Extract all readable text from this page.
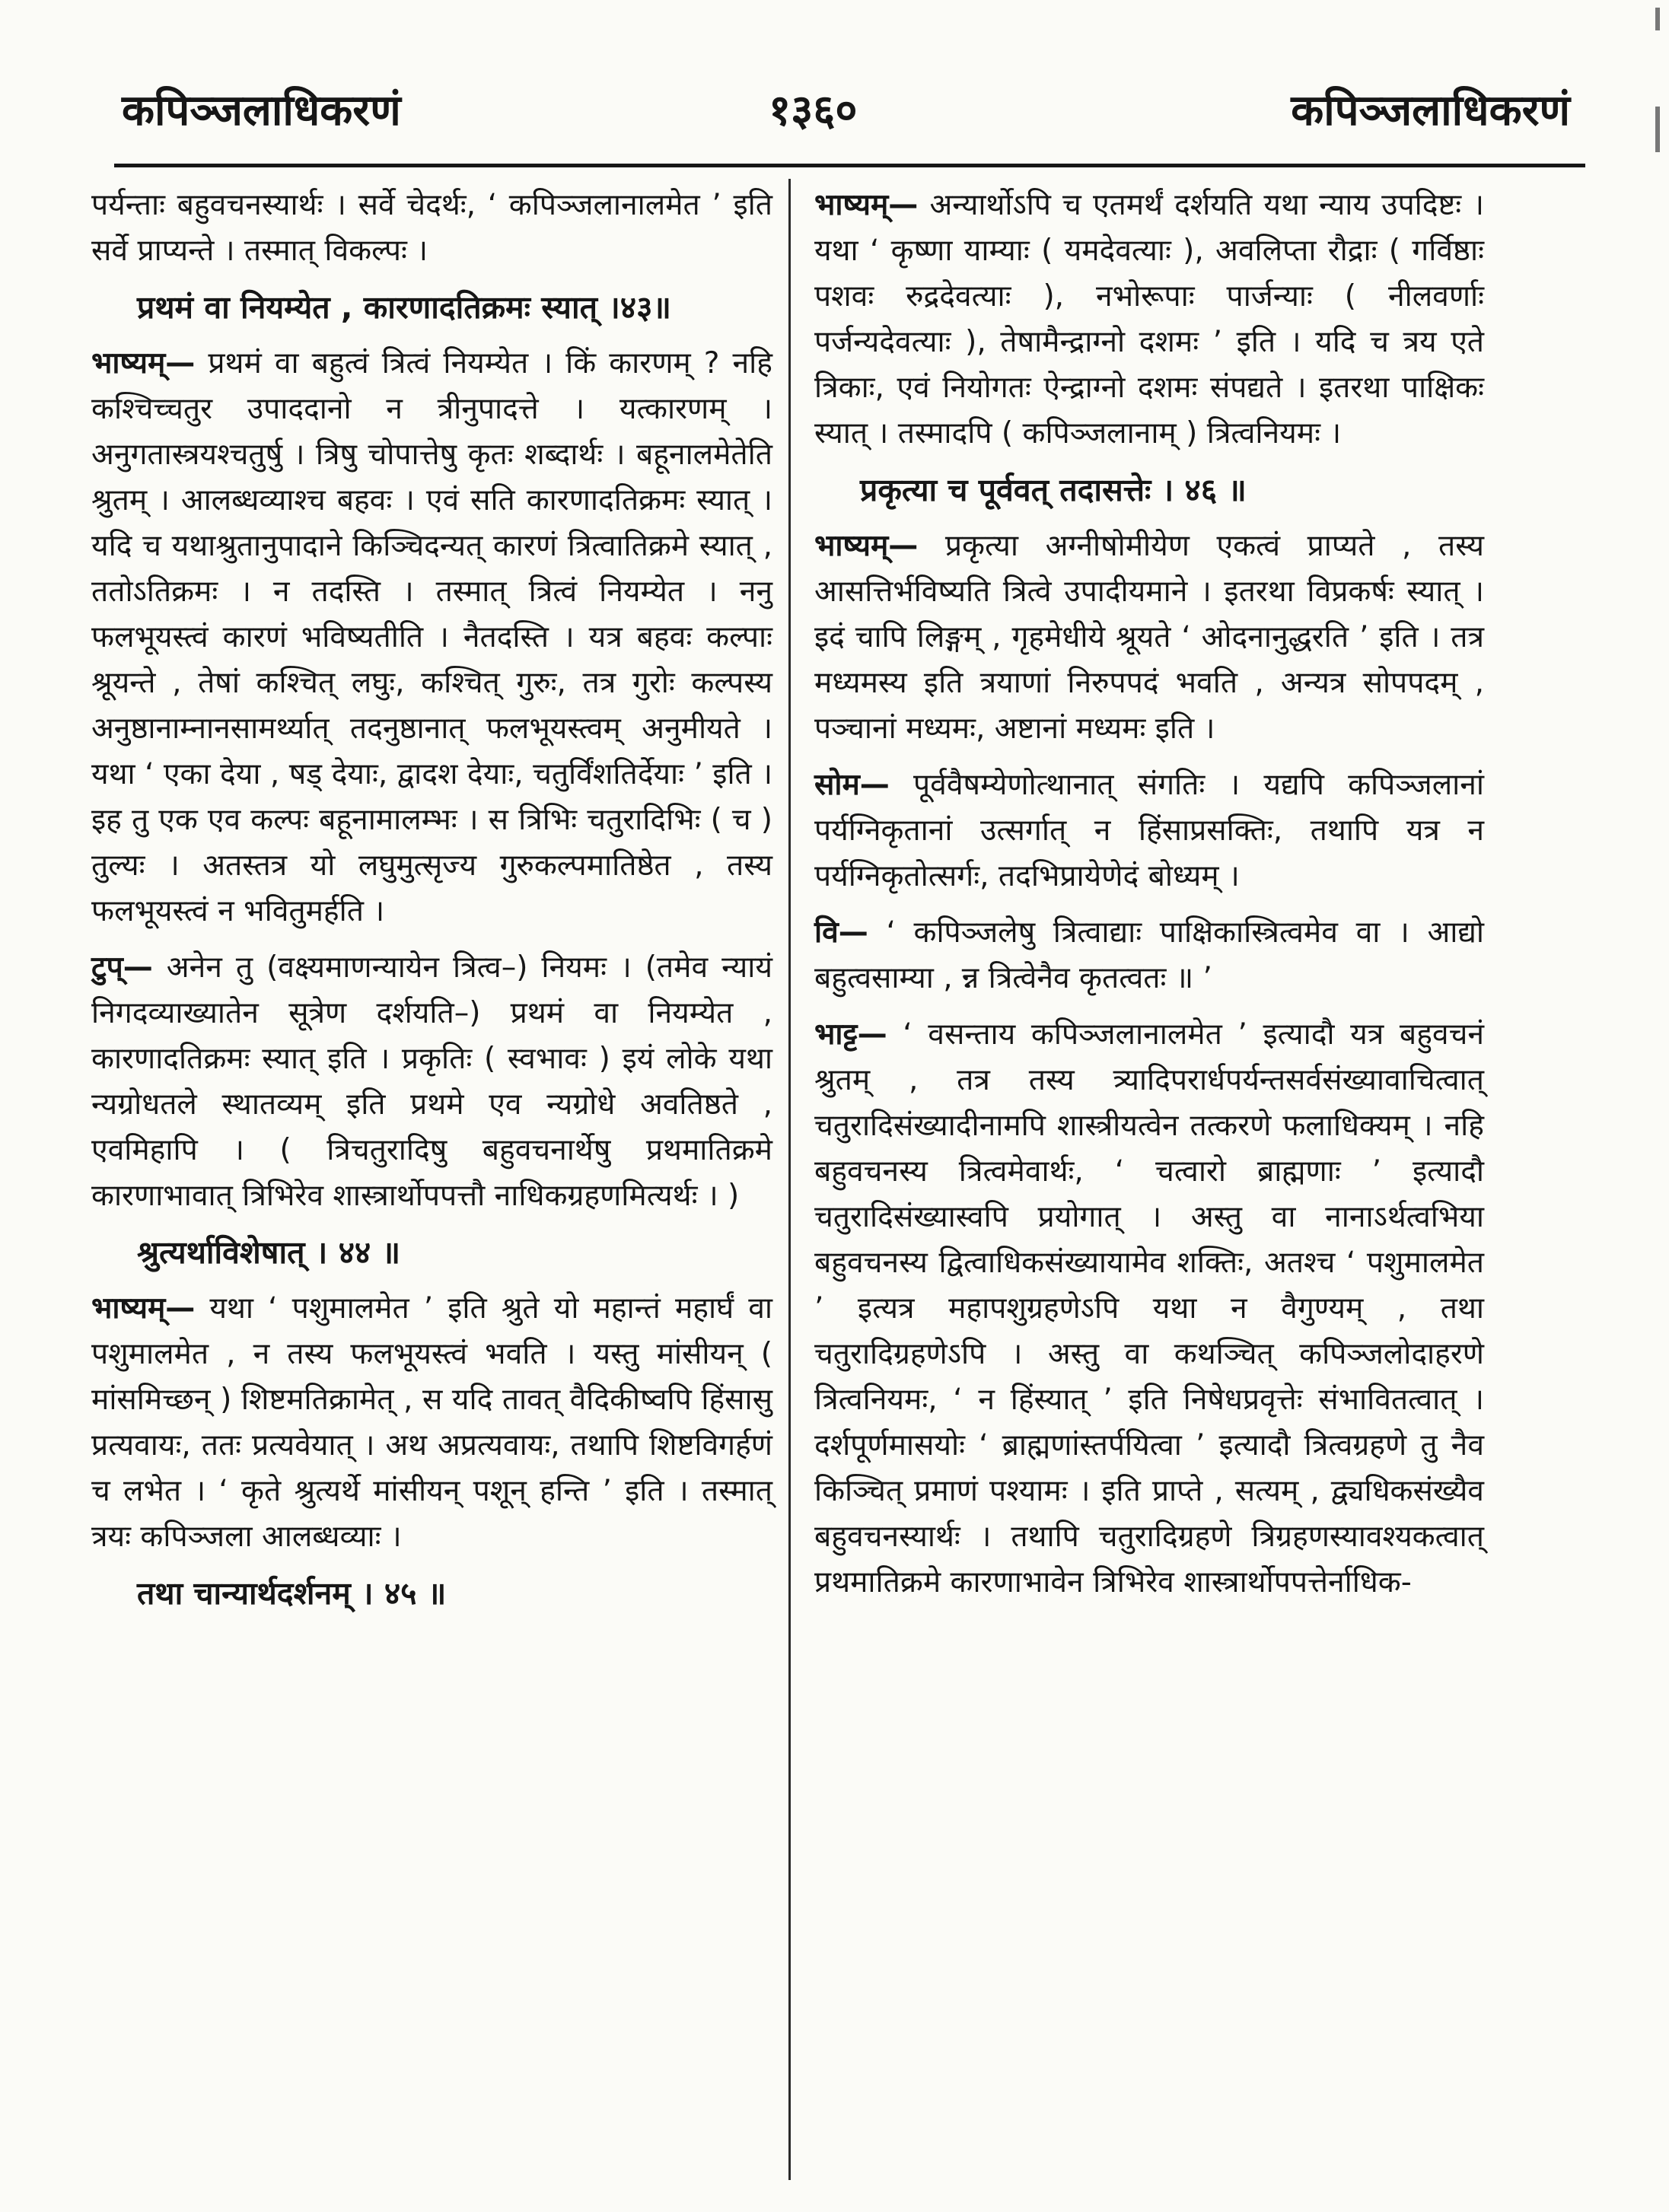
कपिञ्जलाधिकरणं	१३६०	कपिञ्जलाधिकरणं

पर्यन्ताः बहुवचनस्यार्थः । सर्वे चेदर्थः, ‘ कपिञ्जलानालमेत ’ इति सर्वे प्राप्यन्ते । तस्मात् विकल्पः ।

प्रथमं वा नियम्येत , कारणादतिक्रमः स्यात् ।४३॥

भाष्यम्— प्रथमं वा बहुत्वं त्रित्वं नियम्येत । किं कारणम् ? नहि कश्चिच्चतुर उपाददानो न त्रीनुपादत्ते । यत्कारणम् । अनुगतास्त्रयश्चतुर्षु । त्रिषु चोपात्तेषु कृतः शब्दार्थः । बहूनालमेतेति श्रुतम् । आलब्धव्याश्च बहवः । एवं सति कारणादतिक्रमः स्यात् । यदि च यथाश्रुतानुपादाने किञ्चिदन्यत् कारणं त्रित्वातिक्रमे स्यात् , ततोऽतिक्रमः । न तदस्ति । तस्मात् त्रित्वं नियम्येत । ननु फलभूयस्त्वं कारणं भविष्यतीति । नैतदस्ति । यत्र बहवः कल्पाः श्रूयन्ते , तेषां कश्चित् लघुः, कश्चित् गुरुः, तत्र गुरोः कल्पस्य अनुष्ठानाम्नानसामर्थ्यात् तदनुष्ठानात् फलभूयस्त्वम् अनुमीयते । यथा ‘ एका देया , षड् देयाः, द्वादश देयाः, चतुर्विंशतिर्देयाः ’ इति । इह तु एक एव कल्पः बहूनामालम्भः । स त्रिभिः चतुरादिभिः ( च ) तुल्यः । अतस्तत्र यो लघुमुत्सृज्य गुरुकल्पमातिष्ठेत , तस्य फलभूयस्त्वं न भवितुमर्हति ।

टुप्— अनेन तु (वक्ष्यमाणन्यायेन त्रित्व–) नियमः । (तमेव न्यायं निगदव्याख्यातेन सूत्रेण दर्शयति–) प्रथमं वा नियम्येत , कारणादतिक्रमः स्यात् इति । प्रकृतिः ( स्वभावः ) इयं लोके यथा न्यग्रोधतले स्थातव्यम् इति प्रथमे एव न्यग्रोधे अवतिष्ठते , एवमिहापि । ( त्रिचतुरादिषु बहुवचनार्थेषु प्रथमातिक्रमे कारणाभावात् त्रिभिरेव शास्त्रार्थोपपत्तौ नाधिकग्रहणमित्यर्थः । )

श्रुत्यर्थाविशेषात् । ४४ ॥

भाष्यम्— यथा ‘ पशुमालमेत ’ इति श्रुते यो महान्तं महार्घं वा पशुमालमेत , न तस्य फलभूयस्त्वं भवति । यस्तु मांसीयन् ( मांसमिच्छन् ) शिष्टमतिक्रामेत् , स यदि तावत् वैदिकीष्वपि हिंसासु प्रत्यवायः, ततः प्रत्यवेयात् । अथ अप्रत्यवायः, तथापि शिष्टविगर्हणं च लभेत । ‘ कृते श्रुत्यर्थे मांसीयन् पशून् हन्ति ’ इति । तस्मात् त्रयः कपिञ्जला आलब्धव्याः ।

तथा चान्यार्थदर्शनम् । ४५ ॥

भाष्यम्— अन्यार्थोऽपि च एतमर्थं दर्शयति यथा न्याय उपदिष्टः । यथा ‘ कृष्णा याम्याः ( यमदेवत्याः ), अवलिप्ता रौद्राः ( गर्विष्ठाः पशवः रुद्रदेवत्याः ), नभोरूपाः पार्जन्याः ( नीलवर्णाः पर्जन्यदेवत्याः ), तेषामैन्द्राग्नो दशमः ’ इति । यदि च त्रय एते त्रिकाः, एवं नियोगतः ऐन्द्राग्नो दशमः संपद्यते । इतरथा पाक्षिकः स्यात् । तस्मादपि ( कपिञ्जलानाम् ) त्रित्वनियमः ।

प्रकृत्या च पूर्ववत् तदासत्तेः । ४६ ॥

भाष्यम्— प्रकृत्या अग्नीषोमीयेण एकत्वं प्राप्यते , तस्य आसत्तिर्भविष्यति त्रित्वे उपादीयमाने । इतरथा विप्रकर्षः स्यात् । इदं चापि लिङ्गम् , गृहमेधीये श्रूयते ‘ ओदनानुद्धरति ’ इति । तत्र मध्यमस्य इति त्रयाणां निरुपपदं भवति , अन्यत्र सोपपदम् , पञ्चानां मध्यमः, अष्टानां मध्यमः इति ।

सोम— पूर्ववैषम्येणोत्थानात् संगतिः । यद्यपि कपिञ्जलानां पर्यग्निकृतानां उत्सर्गात् न हिंसाप्रसक्तिः, तथापि यत्र न पर्यग्निकृतोत्सर्गः, तदभिप्रायेणेदं बोध्यम् ।

वि— ‘ कपिञ्जलेषु त्रित्वाद्याः पाक्षिकास्त्रित्वमेव वा । आद्यो बहुत्वसाम्या , न्न त्रित्वेनैव कृतत्वतः ॥ ’

भाट्ट— ‘ वसन्ताय कपिञ्जलानालमेत ’ इत्यादौ यत्र बहुवचनं श्रुतम् , तत्र तस्य त्र्यादिपरार्धपर्यन्तसर्वसंख्यावाचित्वात् चतुरादिसंख्यादीनामपि शास्त्रीयत्वेन तत्करणे फलाधिक्यम् । नहि बहुवचनस्य त्रित्वमेवार्थः, ‘ चत्वारो ब्राह्मणाः ’ इत्यादौ चतुरादिसंख्यास्वपि प्रयोगात् । अस्तु वा नानाऽर्थत्वभिया बहुवचनस्य द्वित्वाधिकसंख्यायामेव शक्तिः, अतश्च ‘ पशुमालमेत ’ इत्यत्र महापशुग्रहणेऽपि यथा न वैगुण्यम् , तथा चतुरादिग्रहणेऽपि । अस्तु वा कथञ्चित् कपिञ्जलोदाहरणे त्रित्वनियमः, ‘ न हिंस्यात् ’ इति निषेधप्रवृत्तेः संभावितत्वात् । दर्शपूर्णमासयोः ‘ ब्राह्मणांस्तर्पयित्वा ’ इत्यादौ त्रित्वग्रहणे तु नैव किञ्चित् प्रमाणं पश्यामः । इति प्राप्ते , सत्यम् , द्व्यधिकसंख्यैव बहुवचनस्यार्थः । तथापि चतुरादिग्रहणे त्रिग्रहणस्यावश्यकत्वात् प्रथमातिक्रमे कारणाभावेन त्रिभिरेव शास्त्रार्थोपपत्तेर्नाधिक-
